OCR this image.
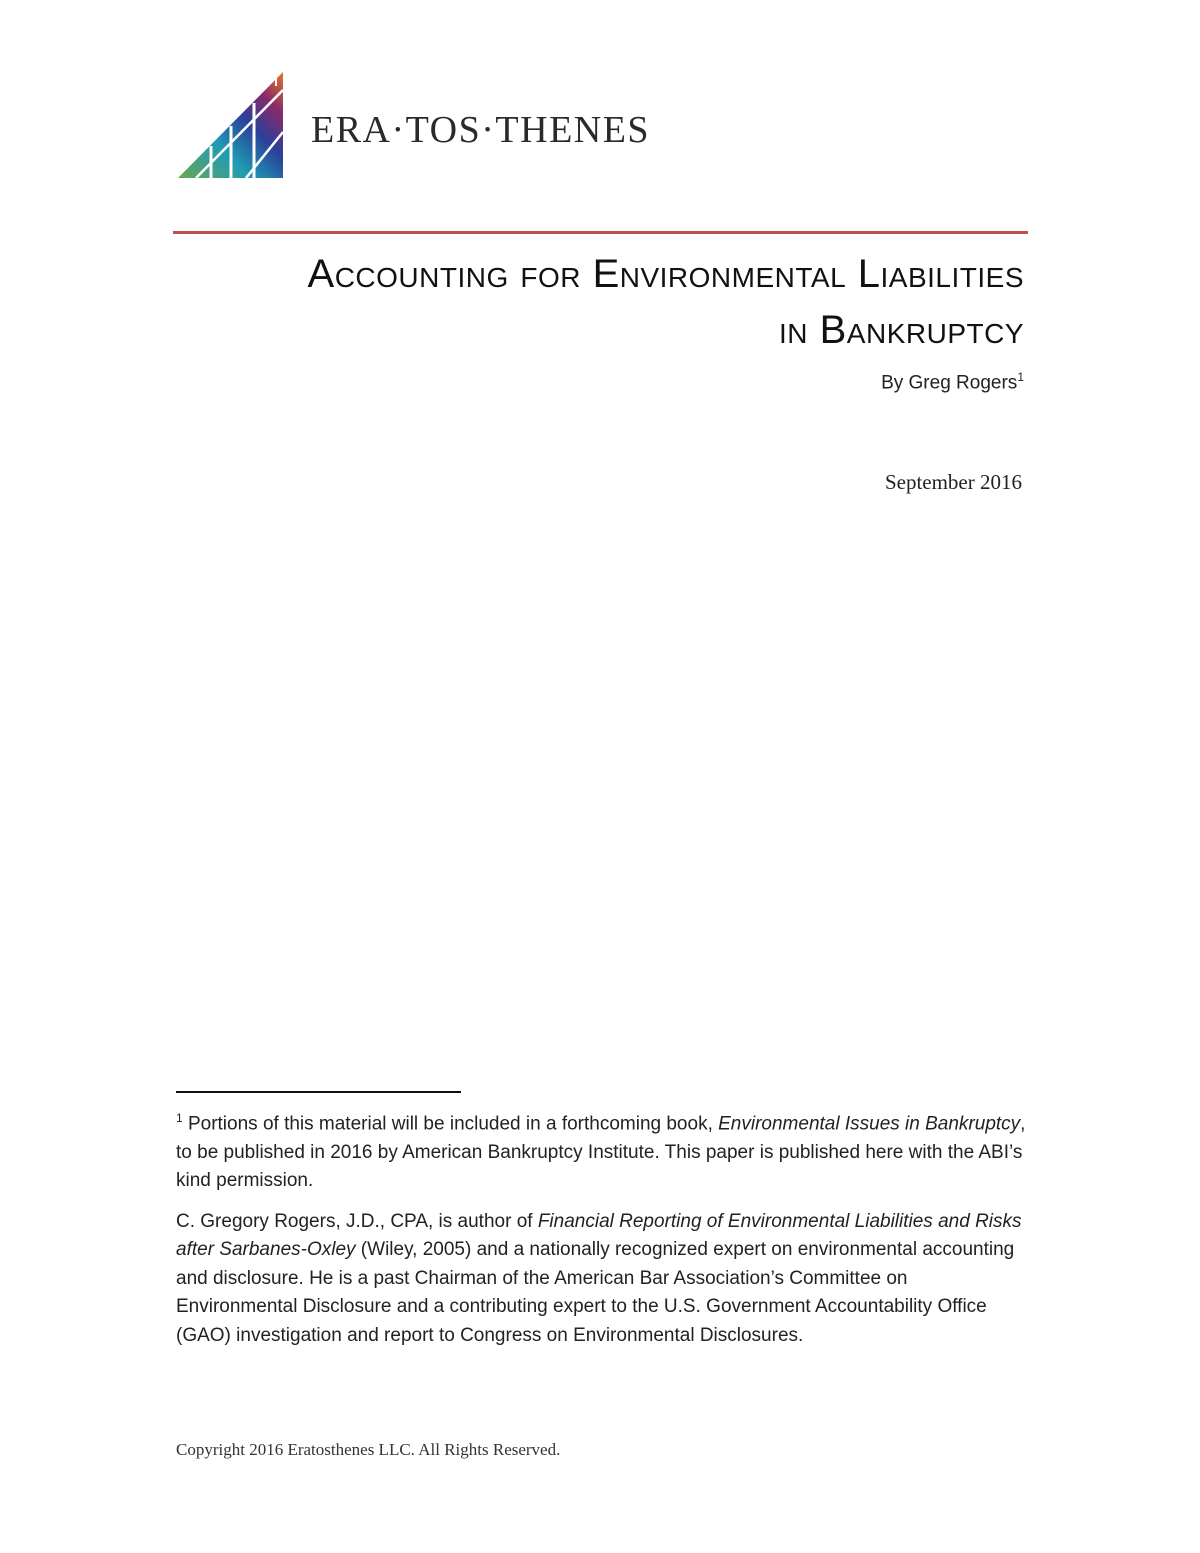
ERA·TOS·THENES
Accounting for Environmental Liabilities
in Bankruptcy
By Greg Rogers$^1$
September 2016

$^1$ Portions of this material will be included in a forthcoming book, Environmental Issues in Bankruptcy, to be published in 2016 by American Bankruptcy Institute. This paper is published here with the ABI’s kind permission.

C. Gregory Rogers, J.D., CPA, is author of Financial Reporting of Environmental Liabilities and Risks after Sarbanes-Oxley (Wiley, 2005) and a nationally recognized expert on environmental accounting and disclosure. He is a past Chairman of the American Bar Association’s Committee on Environmental Disclosure and a contributing expert to the U.S. Government Accountability Office (GAO) investigation and report to Congress on Environmental Disclosures.

Copyright 2016 Eratosthenes LLC. All Rights Reserved.
